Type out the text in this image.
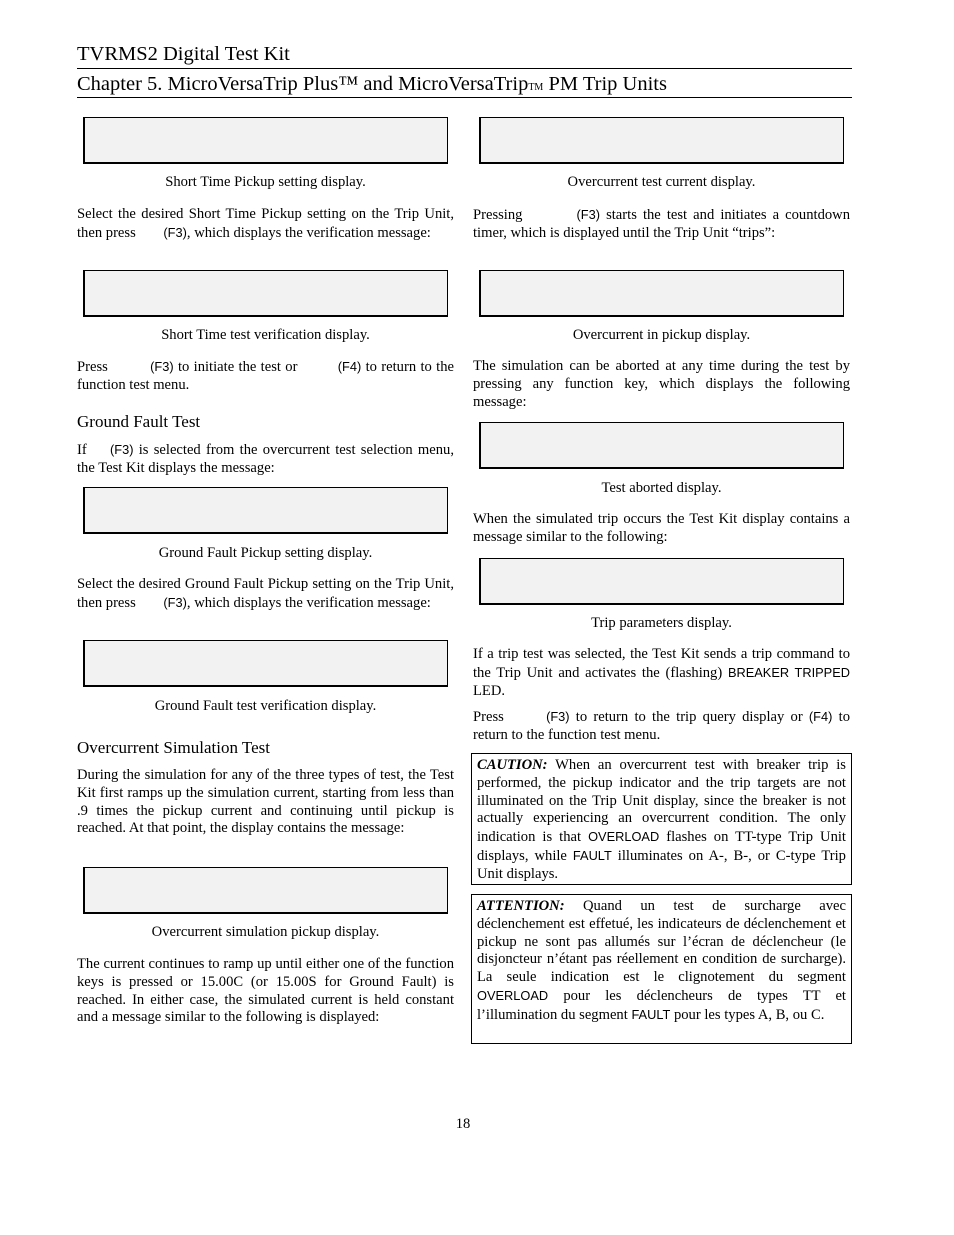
TVRMS2 Digital Test Kit
Chapter 5. MicroVersaTrip Plus™ and MicroVersaTripTM PM Trip Units
Short Time Pickup setting display.
Select the desired Short Time Pickup setting on the Trip Unit, then press (F3), which displays the verification message:
Short Time test verification display.
Press	(F3) to initiate the test or	(F4) to return to the function test menu.
Ground Fault Test
If (F3) is selected from the overcurrent test selection menu, the Test Kit displays the message:
Ground Fault Pickup setting display.
Select the desired Ground Fault Pickup setting on the Trip Unit, then press (F3), which displays the verification message:
Ground Fault test verification display.
Overcurrent Simulation Test
During the simulation for any of the three types of test, the Test Kit first ramps up the simulation current, starting from less than .9 times the pickup current and continuing until pickup is reached. At that point, the display contains the message:
Overcurrent simulation pickup display.
The current continues to ramp up until either one of the function keys is pressed or 15.00C (or 15.00S for Ground Fault) is reached. In either case, the simulated current is held constant and a message similar to the following is displayed:
Overcurrent test current display.
Pressing	(F3) starts the test and initiates a countdown timer, which is displayed until the Trip Unit “trips”:
Overcurrent in pickup display.
The simulation can be aborted at any time during the test by pressing any function key, which displays the following message:
Test aborted display.
When the simulated trip occurs the Test Kit display contains a message similar to the following:
Trip parameters display.
If a trip test was selected, the Test Kit sends a trip command to the Trip Unit and activates the (flashing) BREAKER TRIPPED LED.
Press	(F3) to return to the trip query display or (F4) to return to the function test menu.
CAUTION: When an overcurrent test with breaker trip is performed, the pickup indicator and the trip targets are not illuminated on the Trip Unit display, since the breaker is not actually experiencing an overcurrent condition. The only indication is that OVERLOAD flashes on TT-type Trip Unit displays, while FAULT illuminates on A-, B-, or C-type Trip Unit displays.
ATTENTION: Quand un test de surcharge avec déclenchement est effetué, les indicateurs de déclenchement et pickup ne sont pas allumés sur l’écran de déclencheur (le disjoncteur n’étant pas réellement en condition de surcharge). La seule indication est le clignotement du segment OVERLOAD pour les déclencheurs de types TT et l’illumination du segment FAULT pour les types A, B, ou C.
18
